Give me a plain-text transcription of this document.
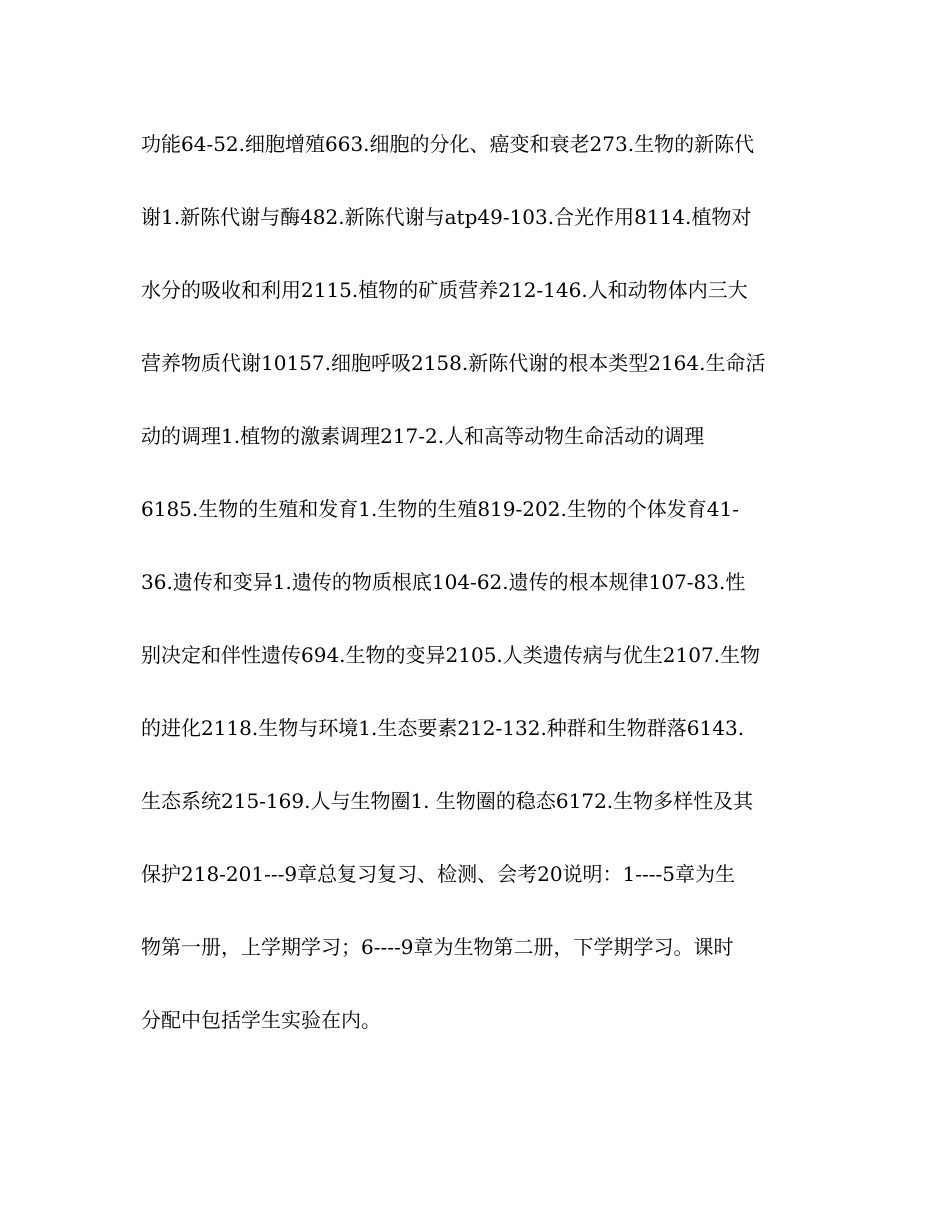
功能64-52.细胞增殖663.细胞的分化、癌变和衰老273.生物的新陈代
谢1.新陈代谢与酶482.新陈代谢与atp49-103.合光作用8114.植物对
水分的吸收和利用2115.植物的矿质营养212-146.人和动物体内三大
营养物质代谢10157.细胞呼吸2158.新陈代谢的根本类型2164.生命活
动的调理1.植物的激素调理217-2.人和高等动物生命活动的调理
6185.生物的生殖和发育1.生物的生殖819-202.生物的个体发育41-
36.遗传和变异1.遗传的物质根底104-62.遗传的根本规律107-83.性
别决定和伴性遗传694.生物的变异2105.人类遗传病与优生2107.生物
的进化2118.生物与环境1.生态要素212-132.种群和生物群落6143.
生态系统215-169.人与生物圈1. 生物圈的稳态6172.生物多样性及其
保护218-201---9章总复习复习、检测、会考20说明：1----5章为生
物第一册，上学期学习；6----9章为生物第二册，下学期学习。课时
分配中包括学生实验在内。
